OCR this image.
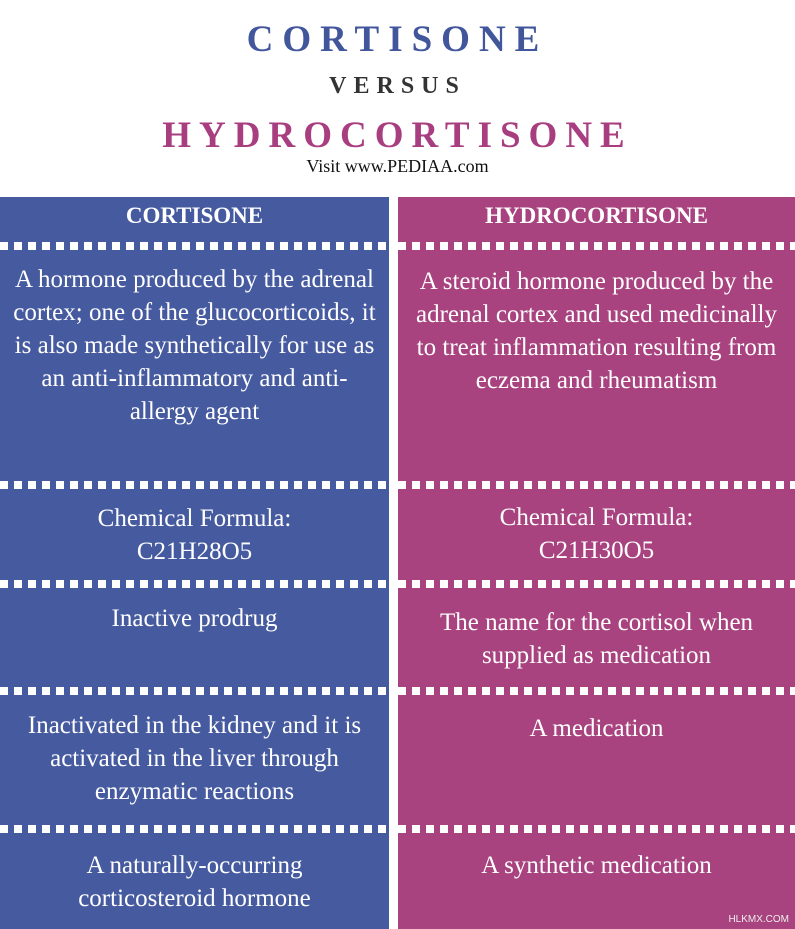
CORTISONE
VERSUS
HYDROCORTISONE
Visit www.PEDIAA.com
CORTISONE
A hormone produced by the adrenal cortex; one of the glucocorticoids, it is also made synthetically for use as an anti-inflammatory and anti-allergy agent
Chemical Formula: C21H28O5
Inactive prodrug
Inactivated in the kidney and it is activated in the liver through enzymatic reactions
A naturally-occurring corticosteroid hormone
HYDROCORTISONE
A steroid hormone produced by the adrenal cortex and used medicinally to treat inflammation resulting from eczema and rheumatism
Chemical Formula: C21H30O5
The name for the cortisol when supplied as medication
A medication
A synthetic medication
HLKMX.COM
